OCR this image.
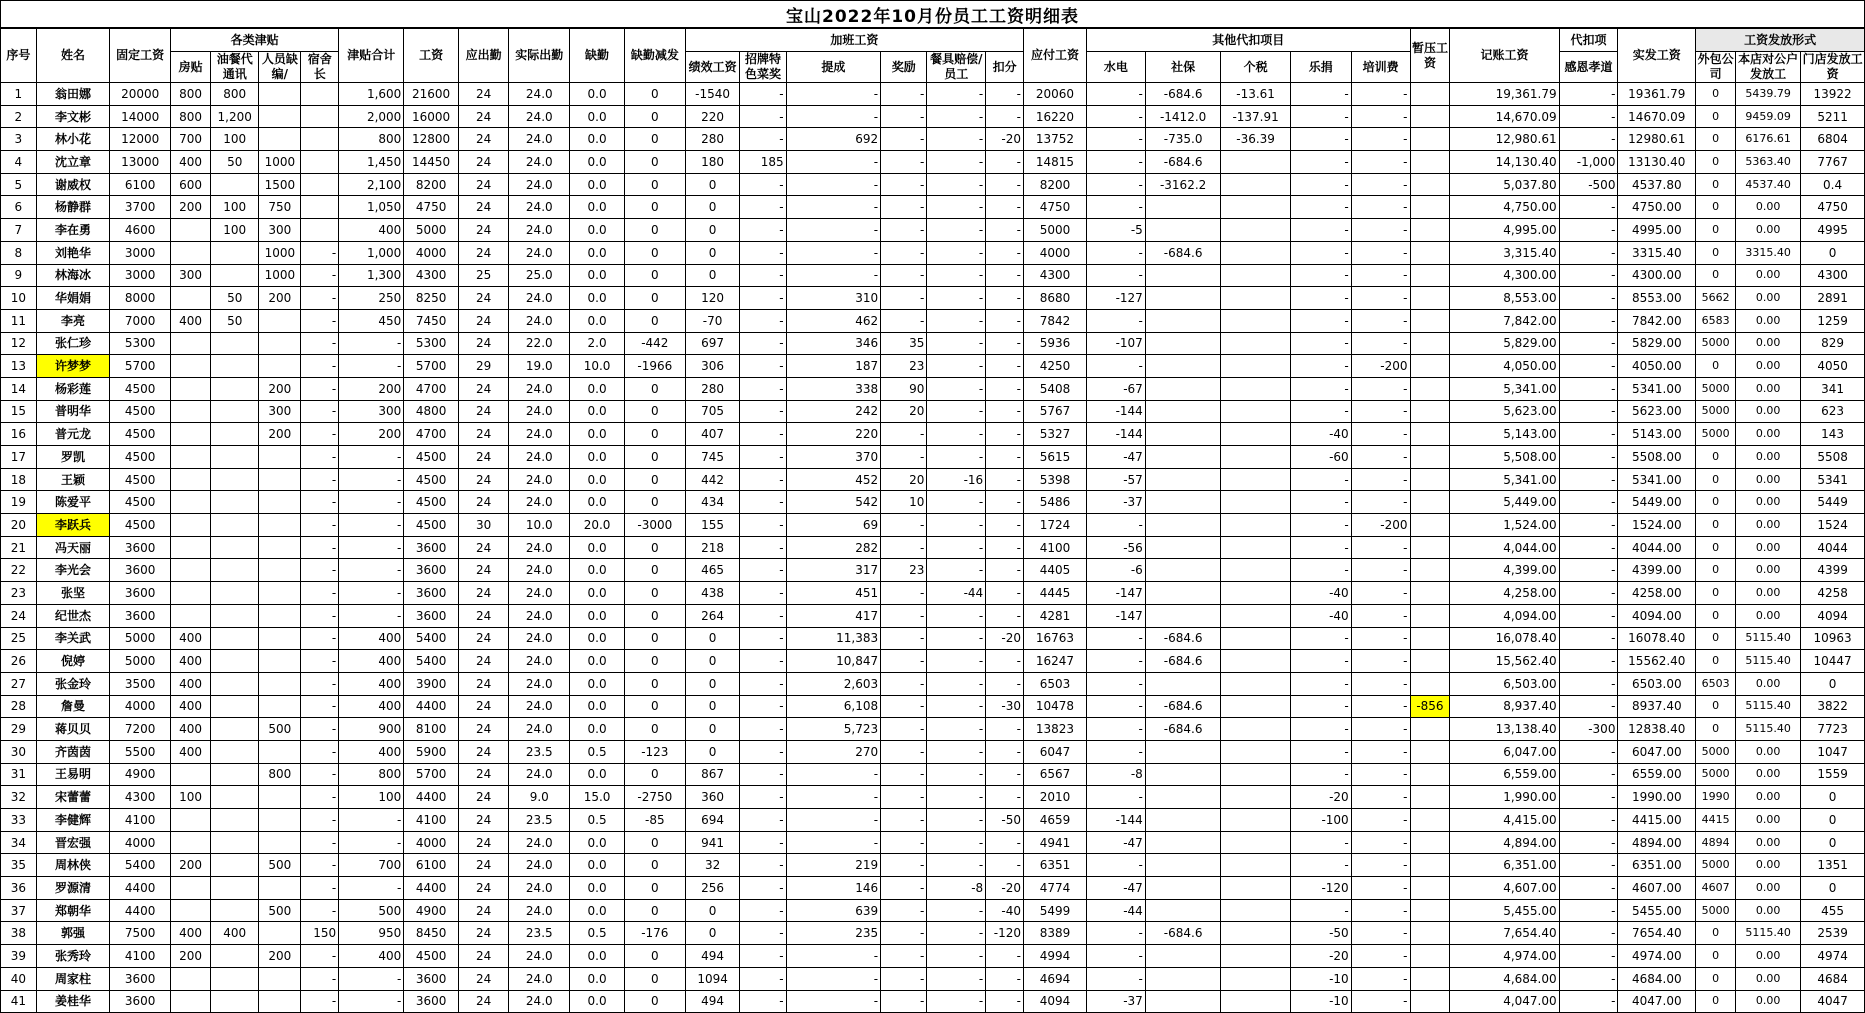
宝山2022年10月份员工工资明细表																															
序号	姓名	固定工资	各类津贴				津贴合计	工资	应出勤	实际出勤	缺勤	缺勤减发	加班工资						应付工资	其他代扣项目					暂压工资	记账工资	代扣项	实发工资	工资发放形式		
			房贴	油餐代通讯	人员缺编/	宿舍长							绩效工资	招牌特色菜奖	提成	奖励	餐具赔偿/员工	扣分		水电	社保	个税	乐捐	培训费			感恩孝道		外包公司	本店对公户发放工	门店发放工资
1	翁田娜	20000	800	800			1,600	21600	24	24.0	0.0	0	-1540	-	-	-	-	-	20060	-	-684.6	-13.61	-	-		19,361.79	-	19361.79	0	5439.79	13922
2	李文彬	14000	800	1,200			2,000	16000	24	24.0	0.0	0	220	-	-	-	-	-	16220	-	-1412.0	-137.91	-	-		14,670.09	-	14670.09	0	9459.09	5211
3	林小花	12000	700	100			800	12800	24	24.0	0.0	0	280	-	692	-	-	-20	13752	-	-735.0	-36.39	-	-		12,980.61	-	12980.61	0	6176.61	6804
4	沈立章	13000	400	50	1000		1,450	14450	24	24.0	0.0	0	180	185	-	-	-	-	14815	-	-684.6		-	-		14,130.40	-1,000	13130.40	0	5363.40	7767
5	谢威权	6100	600		1500		2,100	8200	24	24.0	0.0	0	0	-	-	-	-	-	8200	-	-3162.2		-	-		5,037.80	-500	4537.80	0	4537.40	0.4
6	杨静群	3700	200	100	750		1,050	4750	24	24.0	0.0	0	0	-	-	-	-	-	4750	-			-	-		4,750.00	-	4750.00	0	0.00	4750
7	李在勇	4600		100	300		400	5000	24	24.0	0.0	0	0	-	-	-	-	-	5000	-5			-	-		4,995.00	-	4995.00	0	0.00	4995
8	刘艳华	3000			1000	-	1,000	4000	24	24.0	0.0	0	0	-	-	-	-	-	4000	-	-684.6		-	-		3,315.40	-	3315.40	0	3315.40	0
9	林海冰	3000	300		1000	-	1,300	4300	25	25.0	0.0	0	0	-	-	-	-	-	4300	-			-	-		4,300.00	-	4300.00	0	0.00	4300
10	华娟娟	8000		50	200	-	250	8250	24	24.0	0.0	0	120	-	310	-	-	-	8680	-127			-	-		8,553.00	-	8553.00	5662	0.00	2891
11	李亮	7000	400	50		-	450	7450	24	24.0	0.0	0	-70	-	462	-	-	-	7842	-			-	-		7,842.00	-	7842.00	6583	0.00	1259
12	张仁珍	5300				-	-	5300	24	22.0	2.0	-442	697	-	346	35	-	-	5936	-107			-	-		5,829.00	-	5829.00	5000	0.00	829
13	许梦梦	5700				-	-	5700	29	19.0	10.0	-1966	306	-	187	23	-	-	4250	-			-	-200		4,050.00	-	4050.00	0	0.00	4050
14	杨彩莲	4500			200	-	200	4700	24	24.0	0.0	0	280	-	338	90	-	-	5408	-67			-	-		5,341.00	-	5341.00	5000	0.00	341
15	普明华	4500			300	-	300	4800	24	24.0	0.0	0	705	-	242	20	-	-	5767	-144			-	-		5,623.00	-	5623.00	5000	0.00	623
16	普元龙	4500			200	-	200	4700	24	24.0	0.0	0	407	-	220	-	-	-	5327	-144			-40	-		5,143.00	-	5143.00	5000	0.00	143
17	罗凯	4500				-	-	4500	24	24.0	0.0	0	745	-	370	-	-	-	5615	-47			-60	-		5,508.00	-	5508.00	0	0.00	5508
18	王颖	4500				-	-	4500	24	24.0	0.0	0	442	-	452	20	-16	-	5398	-57			-	-		5,341.00	-	5341.00	0	0.00	5341
19	陈爱平	4500				-	-	4500	24	24.0	0.0	0	434	-	542	10	-	-	5486	-37			-	-		5,449.00	-	5449.00	0	0.00	5449
20	李跃兵	4500				-	-	4500	30	10.0	20.0	-3000	155	-	69	-	-	-	1724	-			-	-200		1,524.00	-	1524.00	0	0.00	1524
21	冯天丽	3600				-	-	3600	24	24.0	0.0	0	218	-	282	-	-	-	4100	-56			-	-		4,044.00	-	4044.00	0	0.00	4044
22	李光会	3600				-	-	3600	24	24.0	0.0	0	465	-	317	23	-	-	4405	-6			-	-		4,399.00	-	4399.00	0	0.00	4399
23	张坚	3600				-	-	3600	24	24.0	0.0	0	438	-	451	-	-44	-	4445	-147			-40	-		4,258.00	-	4258.00	0	0.00	4258
24	纪世杰	3600				-	-	3600	24	24.0	0.0	0	264	-	417	-	-	-	4281	-147			-40	-		4,094.00	-	4094.00	0	0.00	4094
25	李关武	5000	400			-	400	5400	24	24.0	0.0	0	0	-	11,383	-	-	-20	16763	-	-684.6		-	-		16,078.40	-	16078.40	0	5115.40	10963
26	倪婷	5000	400			-	400	5400	24	24.0	0.0	0	0	-	10,847	-	-	-	16247	-	-684.6		-	-		15,562.40	-	15562.40	0	5115.40	10447
27	张金玲	3500	400			-	400	3900	24	24.0	0.0	0	0	-	2,603	-	-	-	6503	-			-	-		6,503.00	-	6503.00	6503	0.00	0
28	詹曼	4000	400			-	400	4400	24	24.0	0.0	0	0	-	6,108	-	-	-30	10478	-	-684.6		-	-	-856	8,937.40	-	8937.40	0	5115.40	3822
29	蒋贝贝	7200	400		500	-	900	8100	24	24.0	0.0	0	0	-	5,723	-	-	-	13823	-	-684.6		-	-		13,138.40	-300	12838.40	0	5115.40	7723
30	齐茵茵	5500	400			-	400	5900	24	23.5	0.5	-123	0	-	270	-	-	-	6047	-			-	-		6,047.00	-	6047.00	5000	0.00	1047
31	王易明	4900			800	-	800	5700	24	24.0	0.0	0	867	-	-	-	-	-	6567	-8			-	-		6,559.00	-	6559.00	5000	0.00	1559
32	宋蕾蕾	4300	100			-	100	4400	24	9.0	15.0	-2750	360	-	-	-	-	-	2010	-			-20	-		1,990.00	-	1990.00	1990	0.00	0
33	李健辉	4100				-	-	4100	24	23.5	0.5	-85	694	-	-	-	-	-50	4659	-144			-100	-		4,415.00	-	4415.00	4415	0.00	0
34	晋宏强	4000				-	-	4000	24	24.0	0.0	0	941	-	-	-	-	-	4941	-47			-	-		4,894.00	-	4894.00	4894	0.00	0
35	周林侠	5400	200		500	-	700	6100	24	24.0	0.0	0	32	-	219	-	-	-	6351	-			-	-		6,351.00	-	6351.00	5000	0.00	1351
36	罗源清	4400				-	-	4400	24	24.0	0.0	0	256	-	146	-	-8	-20	4774	-47			-120	-		4,607.00	-	4607.00	4607	0.00	0
37	郑朝华	4400			500	-	500	4900	24	24.0	0.0	0	0	-	639	-	-	-40	5499	-44			-	-		5,455.00	-	5455.00	5000	0.00	455
38	郭强	7500	400	400		150	950	8450	24	23.5	0.5	-176	0	-	235	-	-	-120	8389	-	-684.6		-50	-		7,654.40	-	7654.40	0	5115.40	2539
39	张秀玲	4100	200		200	-	400	4500	24	24.0	0.0	0	494	-	-	-	-	-	4994	-			-20	-		4,974.00	-	4974.00	0	0.00	4974
40	周家柱	3600				-	-	3600	24	24.0	0.0	0	1094	-	-	-	-	-	4694	-			-10	-		4,684.00	-	4684.00	0	0.00	4684
41	姜桂华	3600				-	-	3600	24	24.0	0.0	0	494	-	-	-	-	-	4094	-37			-10	-		4,047.00	-	4047.00	0	0.00	4047
